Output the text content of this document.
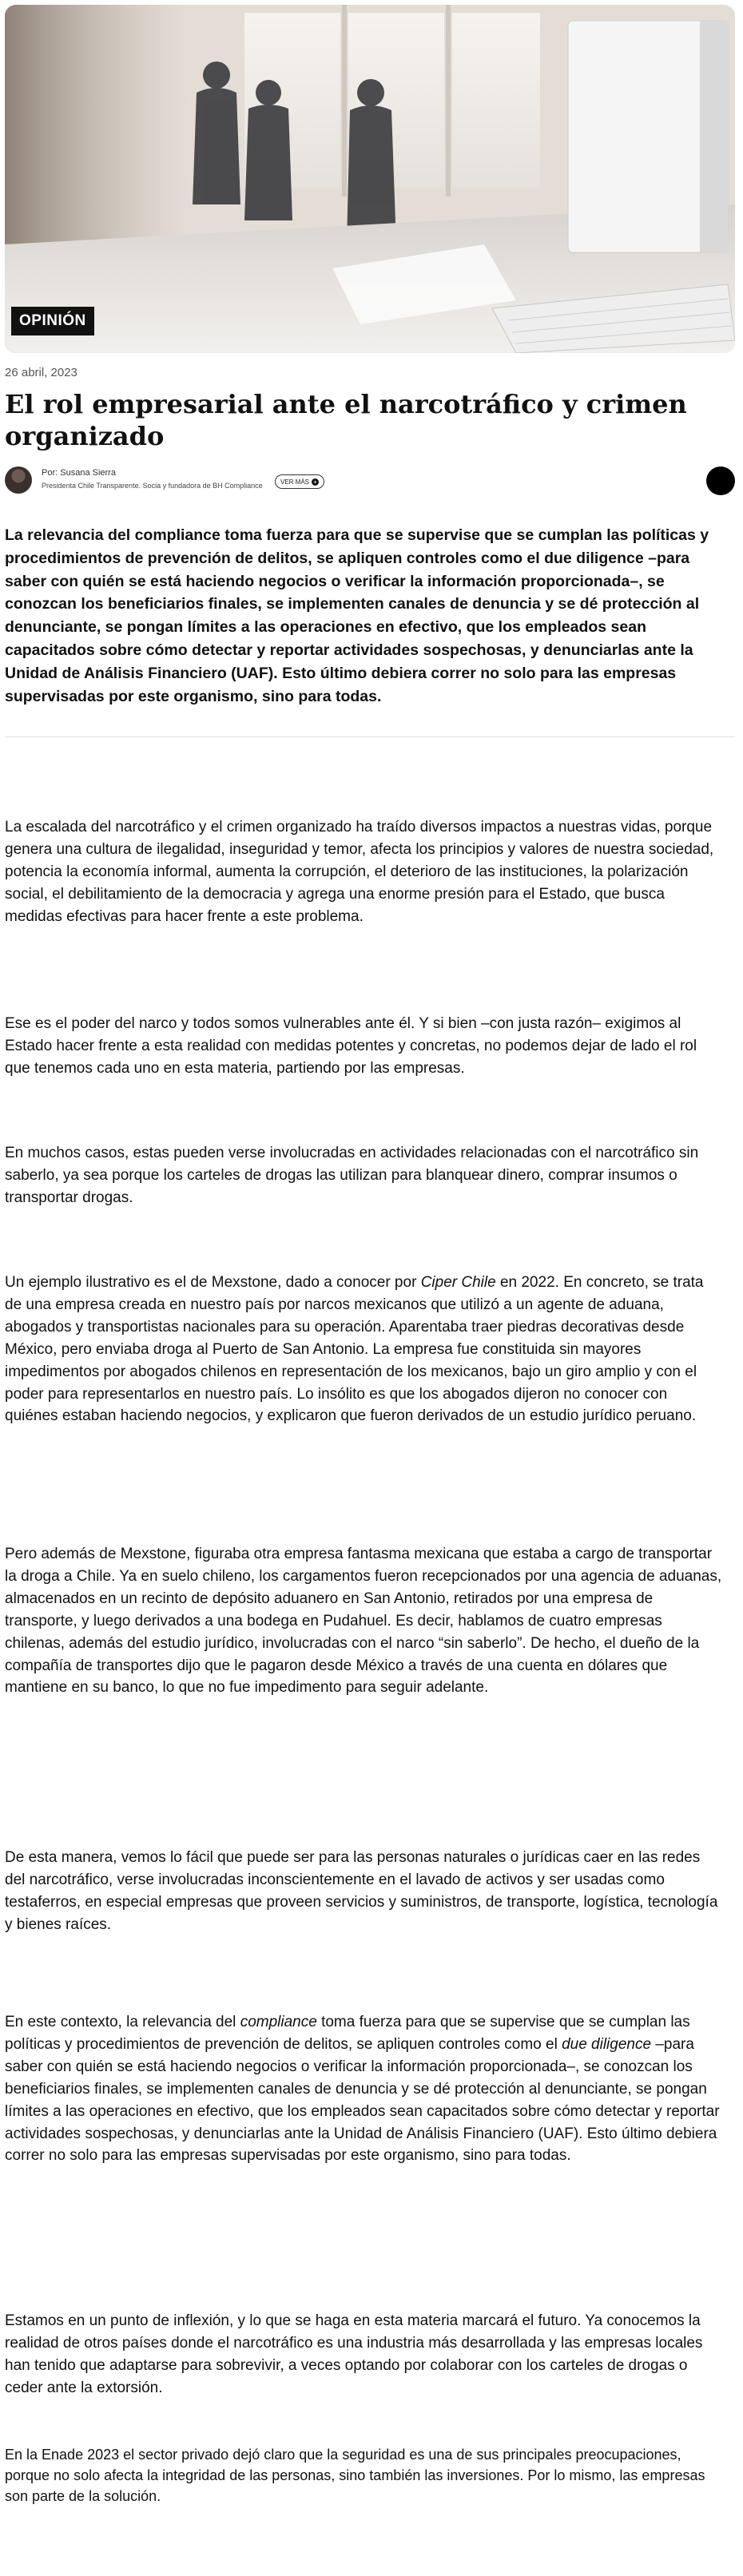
OPINIÓN
26 abril, 2023
El rol empresarial ante el narcotráfico y crimen organizado
Por: Susana Sierra
Presidenta Chile Transparente. Socia y fundadora de BH Compliance	VER MÁS +

La relevancia del compliance toma fuerza para que se supervise que se cumplan las políticas y procedimientos de prevención de delitos, se apliquen controles como el due diligence –para saber con quién se está haciendo negocios o verificar la información proporcionada–, se conozcan los beneficiarios finales, se implementen canales de denuncia y se dé protección al denunciante, se pongan límites a las operaciones en efectivo, que los empleados sean capacitados sobre cómo detectar y reportar actividades sospechosas, y denunciarlas ante la Unidad de Análisis Financiero (UAF). Esto último debiera correr no solo para las empresas supervisadas por este organismo, sino para todas.

La escalada del narcotráfico y el crimen organizado ha traído diversos impactos a nuestras vidas, porque genera una cultura de ilegalidad, inseguridad y temor, afecta los principios y valores de nuestra sociedad, potencia la economía informal, aumenta la corrupción, el deterioro de las instituciones, la polarización social, el debilitamiento de la democracia y agrega una enorme presión para el Estado, que busca medidas efectivas para hacer frente a este problema.

Ese es el poder del narco y todos somos vulnerables ante él. Y si bien –con justa razón– exigimos al Estado hacer frente a esta realidad con medidas potentes y concretas, no podemos dejar de lado el rol que tenemos cada uno en esta materia, partiendo por las empresas.

En muchos casos, estas pueden verse involucradas en actividades relacionadas con el narcotráfico sin saberlo, ya sea porque los carteles de drogas las utilizan para blanquear dinero, comprar insumos o transportar drogas.

Un ejemplo ilustrativo es el de Mexstone, dado a conocer por Ciper Chile en 2022. En concreto, se trata de una empresa creada en nuestro país por narcos mexicanos que utilizó a un agente de aduana, abogados y transportistas nacionales para su operación. Aparentaba traer piedras decorativas desde México, pero enviaba droga al Puerto de San Antonio. La empresa fue constituida sin mayores impedimentos por abogados chilenos en representación de los mexicanos, bajo un giro amplio y con el poder para representarlos en nuestro país. Lo insólito es que los abogados dijeron no conocer con quiénes estaban haciendo negocios, y explicaron que fueron derivados de un estudio jurídico peruano.

Pero además de Mexstone, figuraba otra empresa fantasma mexicana que estaba a cargo de transportar la droga a Chile. Ya en suelo chileno, los cargamentos fueron recepcionados por una agencia de aduanas, almacenados en un recinto de depósito aduanero en San Antonio, retirados por una empresa de transporte, y luego derivados a una bodega en Pudahuel. Es decir, hablamos de cuatro empresas chilenas, además del estudio jurídico, involucradas con el narco “sin saberlo”. De hecho, el dueño de la compañía de transportes dijo que le pagaron desde México a través de una cuenta en dólares que mantiene en su banco, lo que no fue impedimento para seguir adelante.

De esta manera, vemos lo fácil que puede ser para las personas naturales o jurídicas caer en las redes del narcotráfico, verse involucradas inconscientemente en el lavado de activos y ser usadas como testaferros, en especial empresas que proveen servicios y suministros, de transporte, logística, tecnología y bienes raíces.

En este contexto, la relevancia del compliance toma fuerza para que se supervise que se cumplan las políticas y procedimientos de prevención de delitos, se apliquen controles como el due diligence –para saber con quién se está haciendo negocios o verificar la información proporcionada–, se conozcan los beneficiarios finales, se implementen canales de denuncia y se dé protección al denunciante, se pongan límites a las operaciones en efectivo, que los empleados sean capacitados sobre cómo detectar y reportar actividades sospechosas, y denunciarlas ante la Unidad de Análisis Financiero (UAF). Esto último debiera correr no solo para las empresas supervisadas por este organismo, sino para todas.

Estamos en un punto de inflexión, y lo que se haga en esta materia marcará el futuro. Ya conocemos la realidad de otros países donde el narcotráfico es una industria más desarrollada y las empresas locales han tenido que adaptarse para sobrevivir, a veces optando por colaborar con los carteles de drogas o ceder ante la extorsión.

En la Enade 2023 el sector privado dejó claro que la seguridad es una de sus principales preocupaciones, porque no solo afecta la integridad de las personas, sino también las inversiones. Por lo mismo, las empresas son parte de la solución.
